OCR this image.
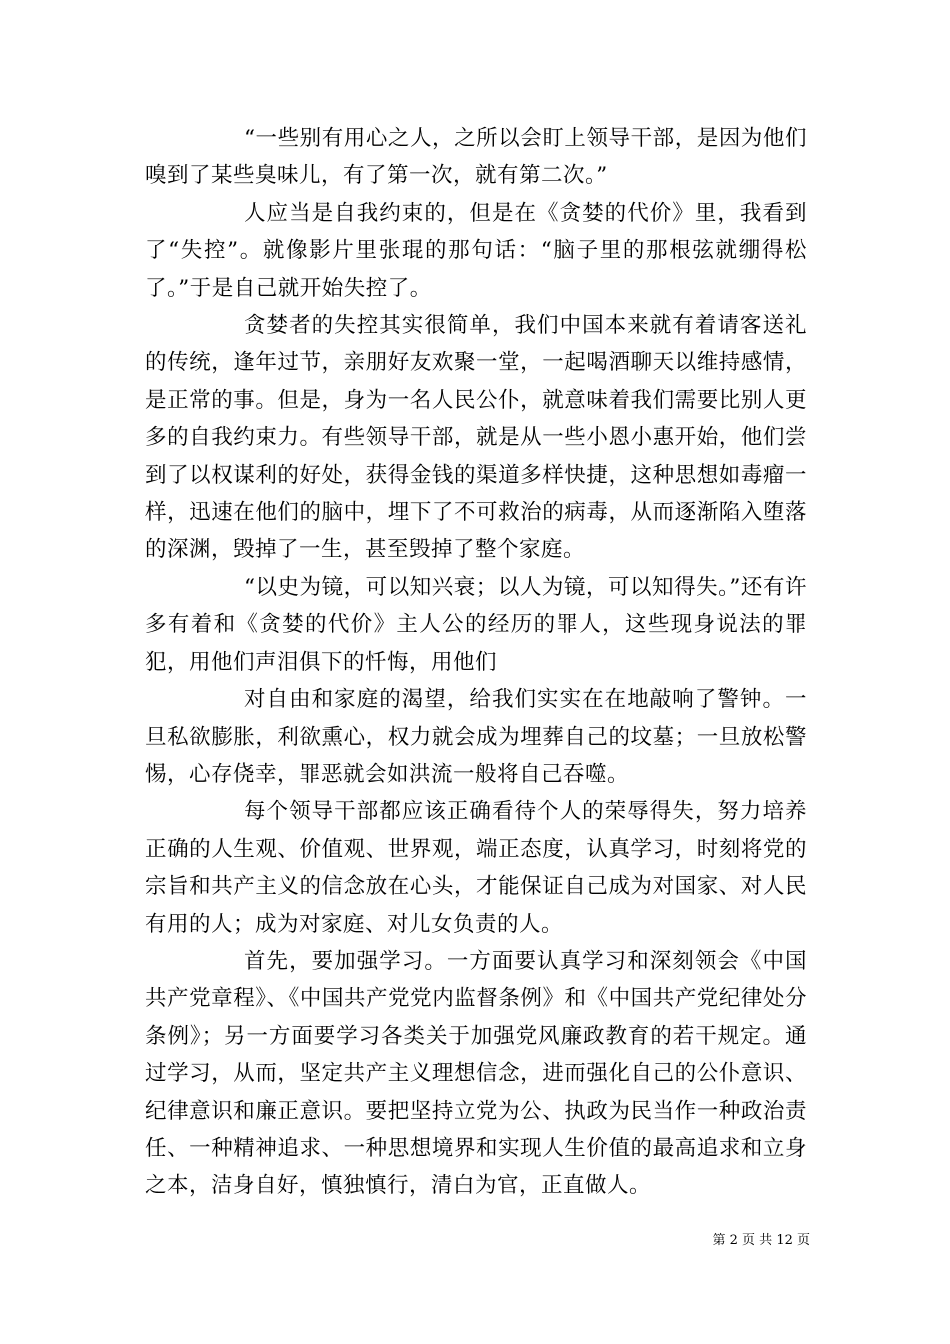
“一些别有用心之人，之所以会盯上领导干部，是因为他们嗅到了某些臭味儿，有了第一次，就有第二次。”

人应当是自我约束的，但是在《贪婪的代价》里，我看到了“失控”。就像影片里张琨的那句话：“脑子里的那根弦就绷得松了。”于是自己就开始失控了。

贪婪者的失控其实很简单，我们中国本来就有着请客送礼的传统，逢年过节，亲朋好友欢聚一堂，一起喝酒聊天以维持感情，是正常的事。但是，身为一名人民公仆，就意味着我们需要比别人更多的自我约束力。有些领导干部，就是从一些小恩小惠开始，他们尝到了以权谋利的好处，获得金钱的渠道多样快捷，这种思想如毒瘤一样，迅速在他们的脑中，埋下了不可救治的病毒，从而逐渐陷入堕落的深渊，毁掉了一生，甚至毁掉了整个家庭。

“以史为镜，可以知兴衰；以人为镜，可以知得失。”还有许多有着和《贪婪的代价》主人公的经历的罪人，这些现身说法的罪犯，用他们声泪俱下的忏悔，用他们

对自由和家庭的渴望，给我们实实在在地敲响了警钟。一旦私欲膨胀，利欲熏心，权力就会成为埋葬自己的坟墓；一旦放松警惕，心存侥幸，罪恶就会如洪流一般将自己吞噬。

每个领导干部都应该正确看待个人的荣辱得失，努力培养正确的人生观、价值观、世界观，端正态度，认真学习，时刻将党的宗旨和共产主义的信念放在心头，才能保证自己成为对国家、对人民有用的人；成为对家庭、对儿女负责的人。

首先，要加强学习。一方面要认真学习和深刻领会《中国共产党章程》、《中国共产党党内监督条例》和《中国共产党纪律处分条例》；另一方面要学习各类关于加强党风廉政教育的若干规定。通过学习，从而，坚定共产主义理想信念，进而强化自己的公仆意识、纪律意识和廉正意识。要把坚持立党为公、执政为民当作一种政治责任、一种精神追求、一种思想境界和实现人生价值的最高追求和立身之本，洁身自好，慎独慎行，清白为官，正直做人。

第 2 页 共 12 页
